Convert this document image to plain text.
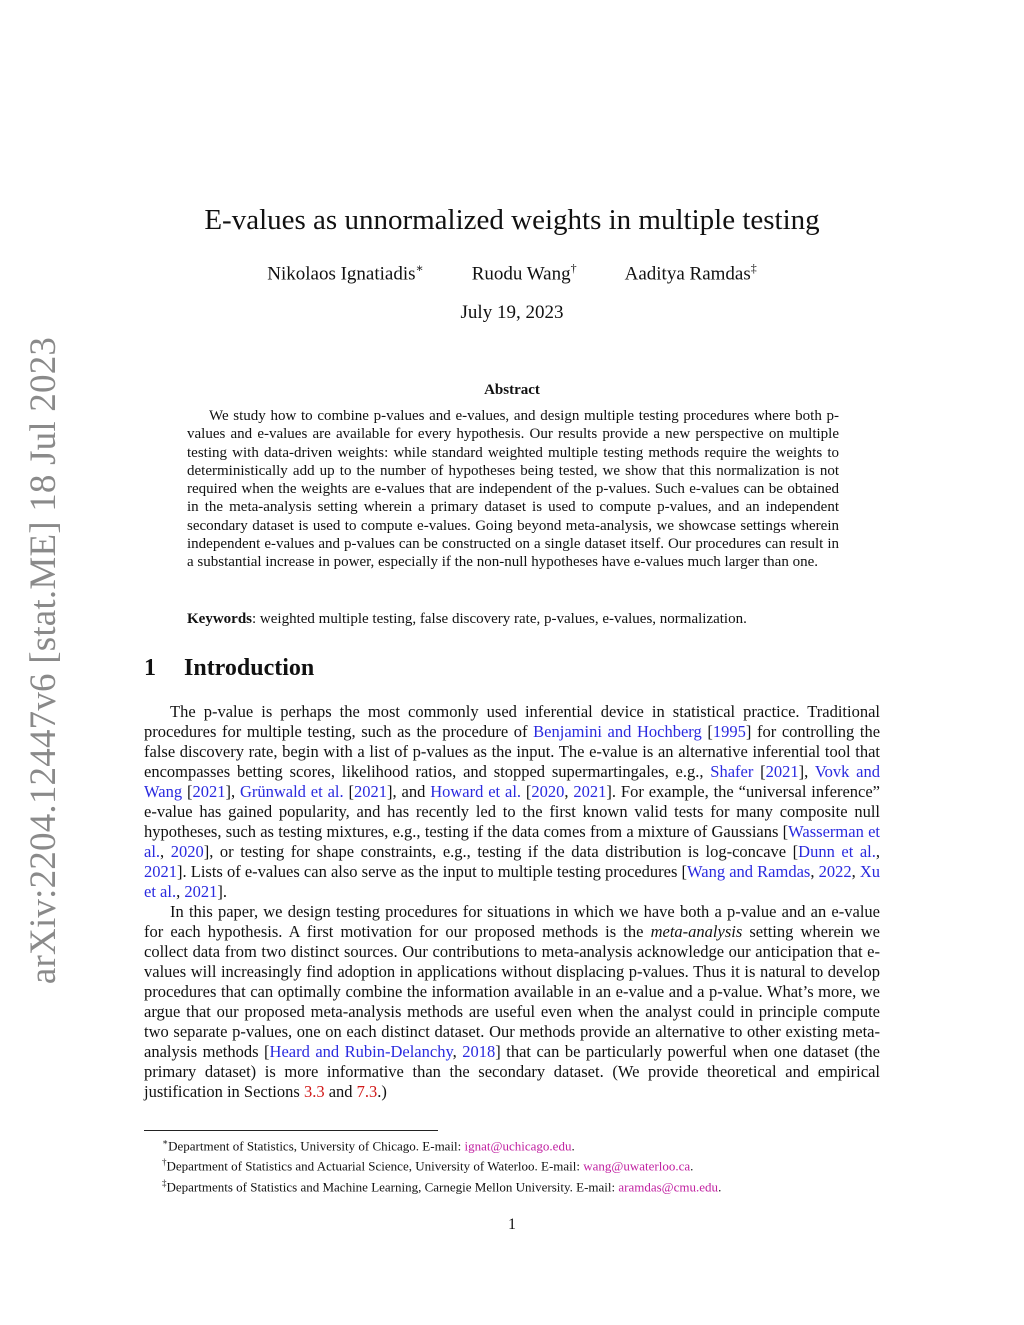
arXiv:2204.12447v6 [stat.ME] 18 Jul 2023
E-values as unnormalized weights in multiple testing
Nikolaos Ignatiadis∗	Ruodu Wang†	Aaditya Ramdas‡
July 19, 2023
Abstract

We study how to combine p-values and e-values, and design multiple testing procedures where both p-values and e-values are available for every hypothesis. Our results provide a new perspective on multiple testing with data-driven weights: while standard weighted multiple testing methods require the weights to deterministically add up to the number of hypotheses being tested, we show that this normalization is not required when the weights are e-values that are independent of the p-values. Such e-values can be obtained in the meta-analysis setting wherein a primary dataset is used to compute p-values, and an independent secondary dataset is used to compute e-values. Going beyond meta-analysis, we showcase settings wherein independent e-values and p-values can be constructed on a single dataset itself. Our procedures can result in a substantial increase in power, especially if the non-null hypotheses have e-values much larger than one.

Keywords: weighted multiple testing, false discovery rate, p-values, e-values, normalization.

1 Introduction

The p-value is perhaps the most commonly used inferential device in statistical practice. Traditional procedures for multiple testing, such as the procedure of Benjamini and Hochberg [1995] for controlling the false discovery rate, begin with a list of p-values as the input. The e-value is an alternative inferential tool that encompasses betting scores, likelihood ratios, and stopped supermartingales, e.g., Shafer [2021], Vovk and Wang [2021], Grünwald et al. [2021], and Howard et al. [2020, 2021]. For example, the “universal inference” e-value has gained popularity, and has recently led to the first known valid tests for many composite null hypotheses, such as testing mixtures, e.g., testing if the data comes from a mixture of Gaussians [Wasserman et al., 2020], or testing for shape constraints, e.g., testing if the data distribution is log-concave [Dunn et al., 2021]. Lists of e-values can also serve as the input to multiple testing procedures [Wang and Ramdas, 2022, Xu et al., 2021].

In this paper, we design testing procedures for situations in which we have both a p-value and an e-value for each hypothesis. A first motivation for our proposed methods is the meta-analysis setting wherein we collect data from two distinct sources. Our contributions to meta-analysis acknowledge our anticipation that e-values will increasingly find adoption in applications without displacing p-values. Thus it is natural to develop procedures that can optimally combine the information available in an e-value and a p-value. What’s more, we argue that our proposed meta-analysis methods are useful even when the analyst could in principle compute two separate p-values, one on each distinct dataset. Our methods provide an alternative to other existing meta-analysis methods [Heard and Rubin-Delanchy, 2018] that can be particularly powerful when one dataset (the primary dataset) is more informative than the secondary dataset. (We provide theoretical and empirical justification in Sections 3.3 and 7.3.)

∗Department of Statistics, University of Chicago. E-mail: ignat@uchicago.edu.
†Department of Statistics and Actuarial Science, University of Waterloo. E-mail: wang@uwaterloo.ca.
‡Departments of Statistics and Machine Learning, Carnegie Mellon University. E-mail: aramdas@cmu.edu.
1
